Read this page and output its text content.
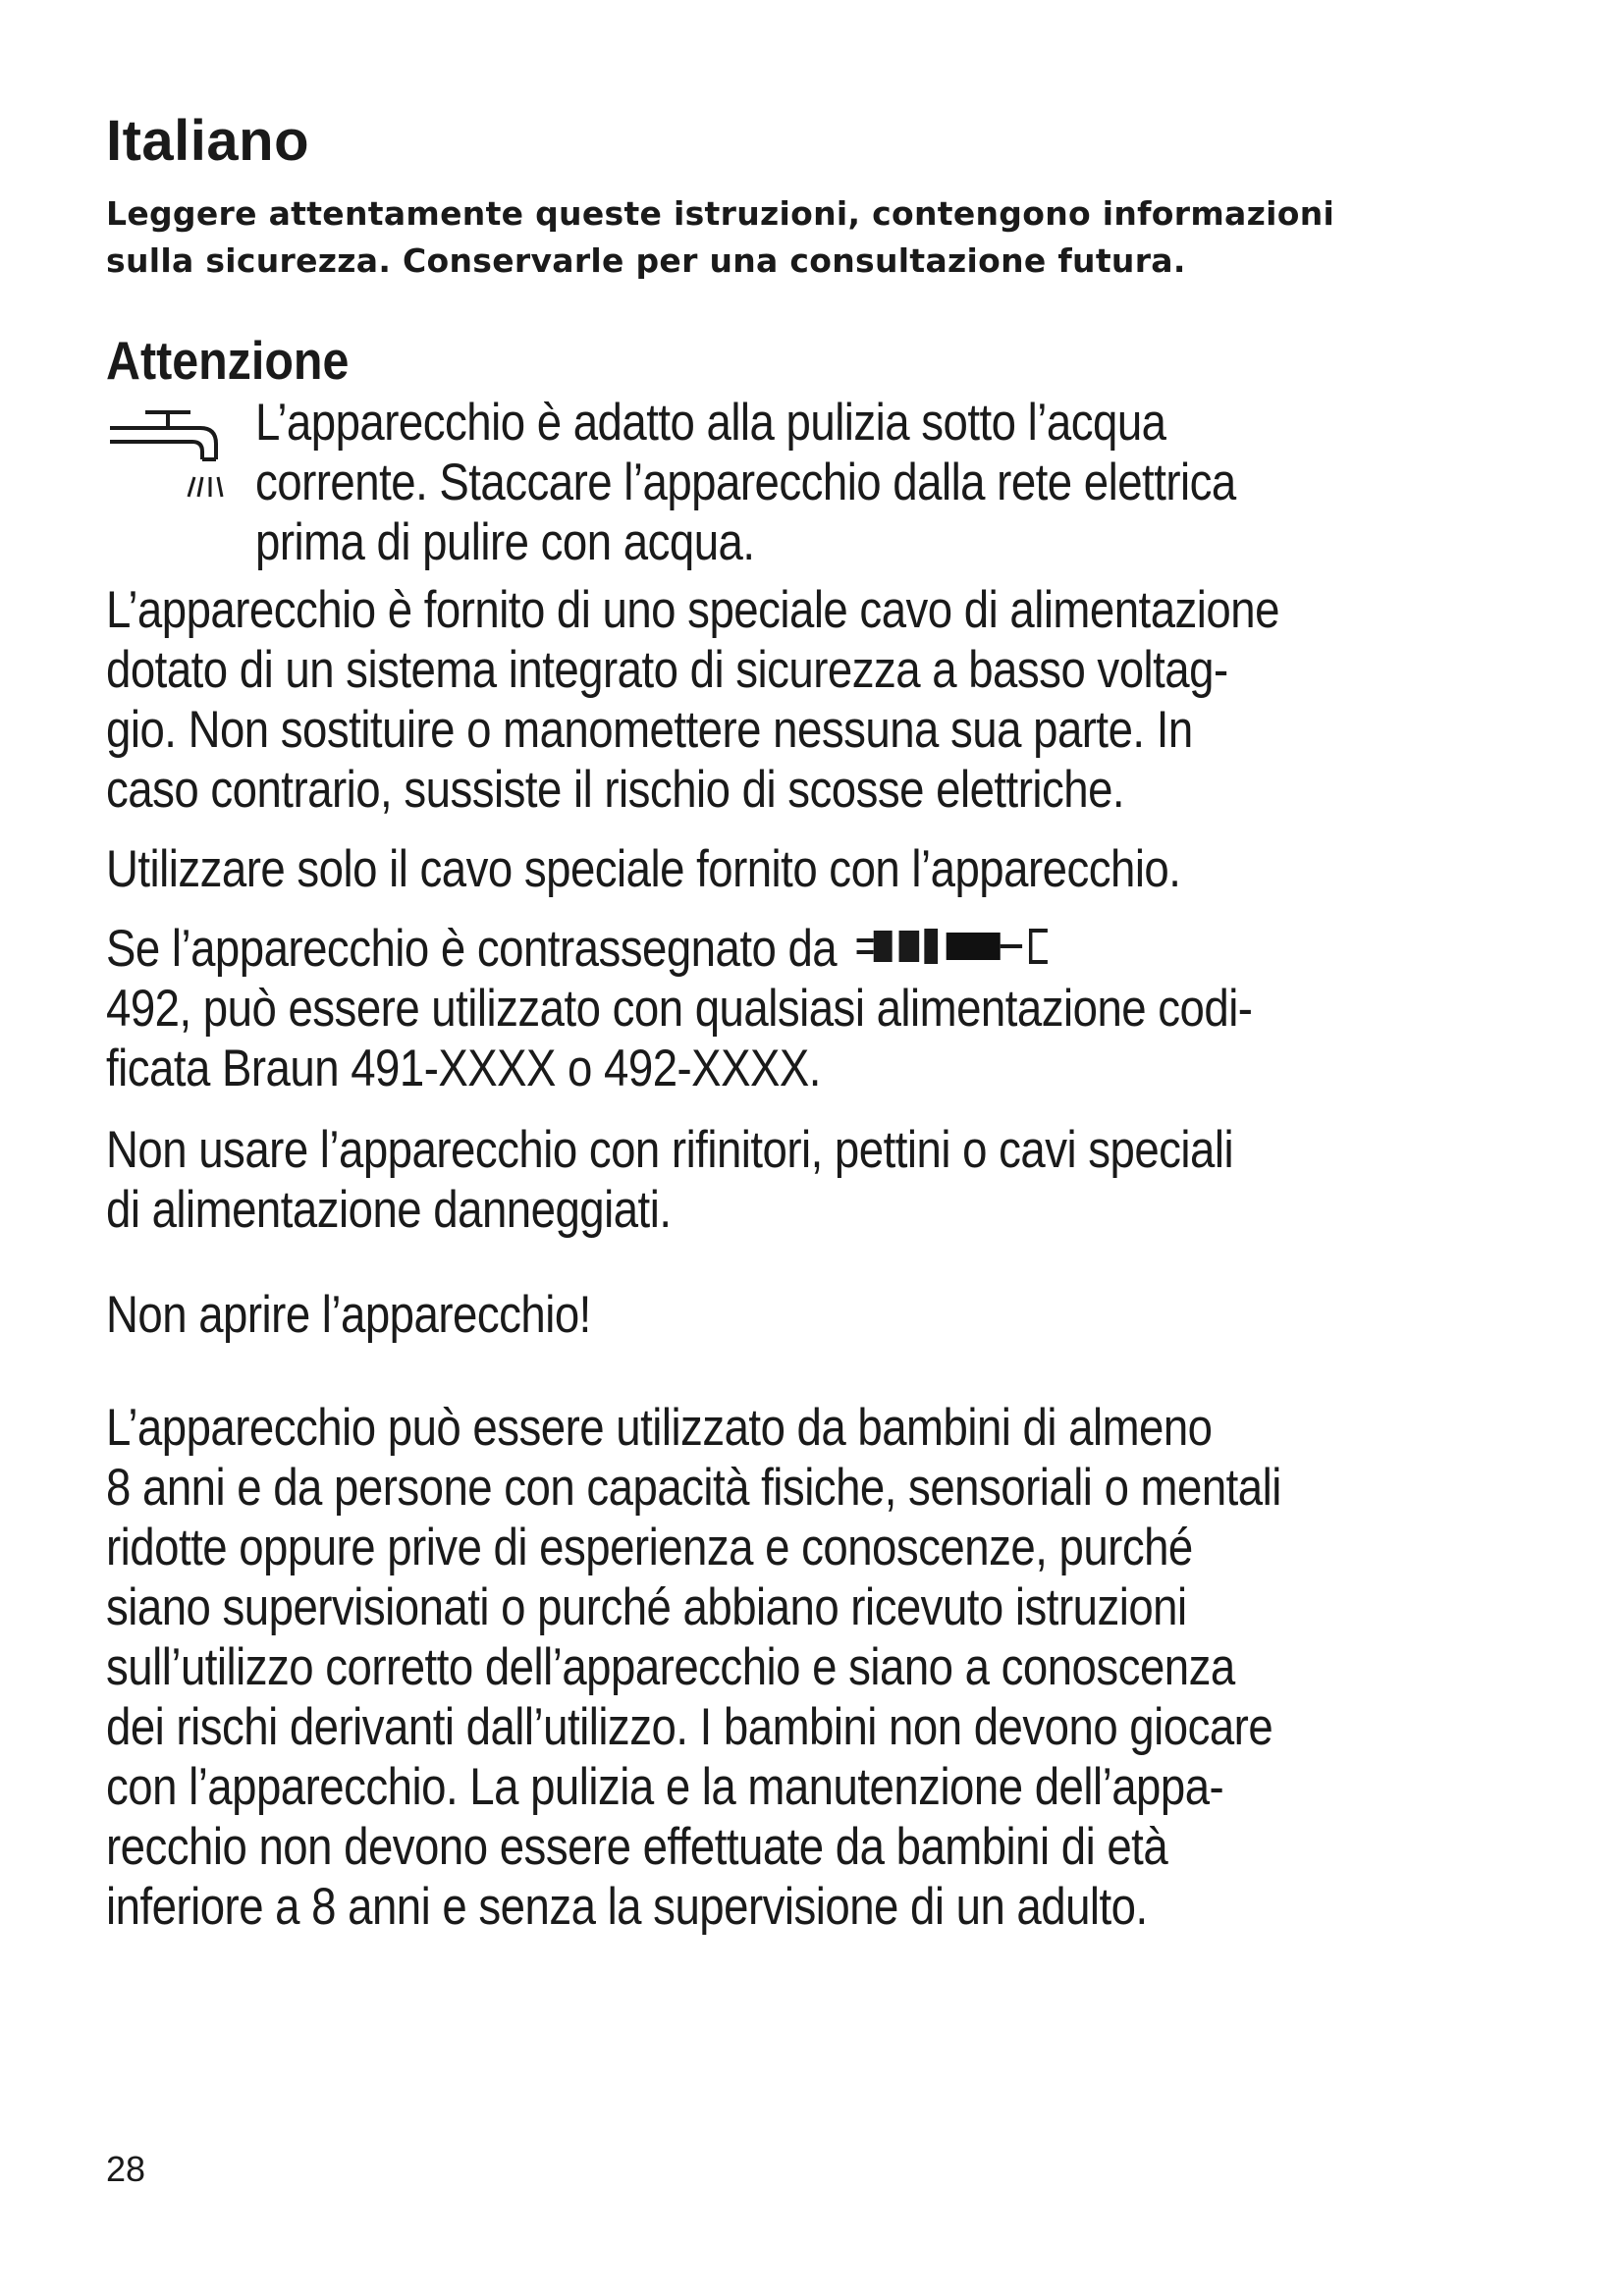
Italiano
Leggere attentamente queste istruzioni, contengono informazioni
sulla sicurezza. Conservarle per una consultazione futura.
Attenzione
L’apparecchio è adatto alla pulizia sotto l’acqua
corrente. Staccare l’apparecchio dalla rete elettrica
prima di pulire con acqua.
L’apparecchio è fornito di uno speciale cavo di alimentazione
dotato di un sistema integrato di sicurezza a basso voltag-
gio. Non sostituire o manomettere nessuna sua parte. In
caso contrario, sussiste il rischio di scosse elettriche.
Utilizzare solo il cavo speciale fornito con l’apparecchio.
Se l’apparecchio è contrassegnato da
492, può essere utilizzato con qualsiasi alimentazione codi-
ficata Braun 491-XXXX o 492-XXXX.
Non usare l’apparecchio con rifinitori, pettini o cavi speciali
di alimentazione danneggiati.
Non aprire l’apparecchio!
L’apparecchio può essere utilizzato da bambini di almeno
8 anni e da persone con capacità fisiche, sensoriali o mentali
ridotte oppure prive di esperienza e conoscenze, purché
siano supervisionati o purché abbiano ricevuto istruzioni
sull’utilizzo corretto dell’apparecchio e siano a conoscenza
dei rischi derivanti dall’utilizzo. I bambini non devono giocare
con l’apparecchio. La pulizia e la manutenzione dell’appa-
recchio non devono essere effettuate da bambini di età
inferiore a 8 anni e senza la supervisione di un adulto.
28
